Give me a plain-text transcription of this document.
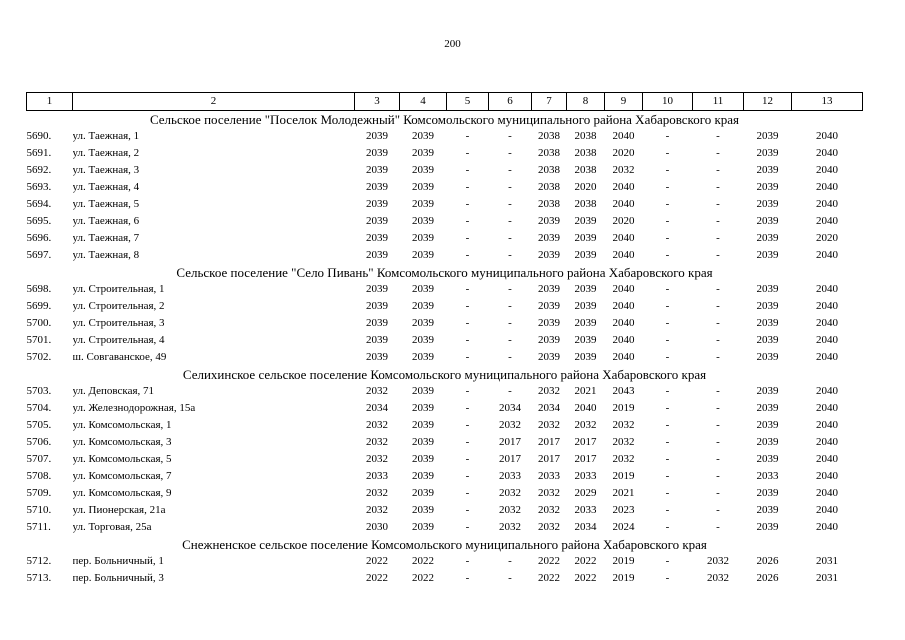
200
1	2	3	4	5	6	7	8	9	10	11	12	13
Сельское поселение "Поселок Молодежный" Комсомольского муниципального района Хабаровского края												
5690.	ул. Таежная, 1	2039	2039	-	-	2038	2038	2040	-	-	2039	2040
5691.	ул. Таежная, 2	2039	2039	-	-	2038	2038	2020	-	-	2039	2040
5692.	ул. Таежная, 3	2039	2039	-	-	2038	2038	2032	-	-	2039	2040
5693.	ул. Таежная, 4	2039	2039	-	-	2038	2020	2040	-	-	2039	2040
5694.	ул. Таежная, 5	2039	2039	-	-	2038	2038	2040	-	-	2039	2040
5695.	ул. Таежная, 6	2039	2039	-	-	2039	2039	2020	-	-	2039	2040
5696.	ул. Таежная, 7	2039	2039	-	-	2039	2039	2040	-	-	2039	2020
5697.	ул. Таежная, 8	2039	2039	-	-	2039	2039	2040	-	-	2039	2040
Сельское поселение "Село Пивань" Комсомольского муниципального района Хабаровского края												
5698.	ул. Строительная, 1	2039	2039	-	-	2039	2039	2040	-	-	2039	2040
5699.	ул. Строительная, 2	2039	2039	-	-	2039	2039	2040	-	-	2039	2040
5700.	ул. Строительная, 3	2039	2039	-	-	2039	2039	2040	-	-	2039	2040
5701.	ул. Строительная, 4	2039	2039	-	-	2039	2039	2040	-	-	2039	2040
5702.	ш. Совгаванское, 49	2039	2039	-	-	2039	2039	2040	-	-	2039	2040
Селихинское сельское поселение Комсомольского муниципального района Хабаровского края												
5703.	ул. Деповская, 71	2032	2039	-	-	2032	2021	2043	-	-	2039	2040
5704.	ул. Железнодорожная, 15а	2034	2039	-	2034	2034	2040	2019	-	-	2039	2040
5705.	ул. Комсомольская, 1	2032	2039	-	2032	2032	2032	2032	-	-	2039	2040
5706.	ул. Комсомольская, 3	2032	2039	-	2017	2017	2017	2032	-	-	2039	2040
5707.	ул. Комсомольская, 5	2032	2039	-	2017	2017	2017	2032	-	-	2039	2040
5708.	ул. Комсомольская, 7	2033	2039	-	2033	2033	2033	2019	-	-	2033	2040
5709.	ул. Комсомольская, 9	2032	2039	-	2032	2032	2029	2021	-	-	2039	2040
5710.	ул. Пионерская, 21а	2032	2039	-	2032	2032	2033	2023	-	-	2039	2040
5711.	ул. Торговая, 25а	2030	2039	-	2032	2032	2034	2024	-	-	2039	2040
Снежненское сельское поселение Комсомольского муниципального района Хабаровского края												
5712.	пер. Больничный, 1	2022	2022	-	-	2022	2022	2019	-	2032	2026	2031
5713.	пер. Больничный, 3	2022	2022	-	-	2022	2022	2019	-	2032	2026	2031
